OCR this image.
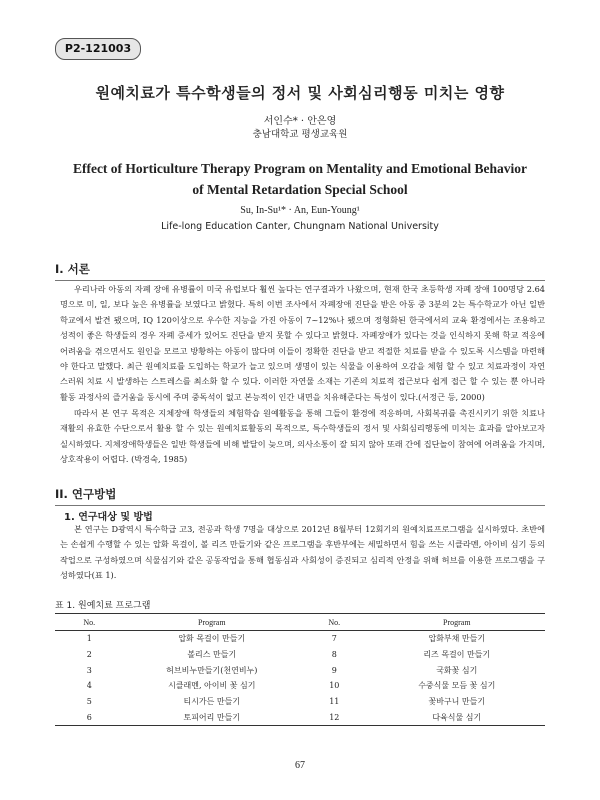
P2-121003
원예치료가 특수학생들의 정서 및 사회심리행동 미치는 영향
서인수* · 안은영
충남대학교 평생교육원
Effect of Horticulture Therapy Program on Mentality and Emotional Behavior
of Mental Retardation Special School
Su, In-Su¹* · An, Eun-Young¹
Life-long Education Canter, Chungnam National University
I. 서론

우리나라 아동의 자폐 장애 유병률이 미국 유럽보다 훨씬 높다는 연구결과가 나왔으며, 현재 한국 초등학생 자폐 장애 100명당 2.64명으로 미, 일, 보다 높은 유병률을 보였다고 밝혔다. 특히 이번 조사에서 자폐장애 진단을 받은 아동 중 3분의 2는 특수학교가 아닌 일반 학교에서 발견 됐으며, IQ 120이상으로 우수한 지능을 가진 아동이 7~12%나 됐으며 정형화된 한국에서의 교육 환경에서는 조용하고 성적이 좋은 학생들의 경우 자폐 증세가 있어도 진단을 받지 못할 수 있다고 밝혔다. 자폐장애가 있다는 것을 인식하지 못해 학교 적응에 어려움을 겪으면서도 원인을 모르고 방황하는 아동이 많다며 이들이 정확한 진단을 받고 적절한 치료를 받을 수 있도록 시스템을 마련해야 한다고 말했다. 최근 원예치료를 도입하는 학교가 늘고 있으며 생명이 있는 식물을 이용하여 오감을 체험 할 수 있고 치료과정이 자연스러워 치료 시 발생하는 스트레스를 최소화 할 수 있다. 이러한 자연물 소재는 기존의 치료적 접근보다 쉽게 접근 할 수 있는 뿐 아니라 활동 과정사의 즐거움을 동시에 주며 중독석이 없고 본능적이 인간 내면을 치유해준다는 특성이 있다.(서정근 등, 2000)

따라서 본 연구 목적은 지체장애 학생들의 체험학습 원예활동을 통해 그들이 환경에 적응하며, 사회복귀를 촉진시키기 위한 치료나 재활의 유효한 수단으로서 활용 할 수 있는 원예치료활동의 목적으로, 특수학생들의 정서 및 사회심리행동에 미치는 효과를 알아보고자 실시하였다. 지체장애학생들은 일반 학생들에 비해 발달이 늦으며, 의사소통이 잘 되지 않아 또래 간에 집단놀이 참여에 어려움을 가지며, 상호작용이 어렵다. (박경숙, 1985)

II. 연구방법
1. 연구대상 및 방법

본 연구는 D광역시 특수학급 고3, 전공과 학생 7명을 대상으로 2012년 8월부터 12회기의 원예치료프로그램을 실시하였다. 초반에는 손쉽게 수행할 수 있는 압화 목걸이, 볼 리즈 만들기와 같은 프로그램을 후반부에는 세밀하면서 힘을 쓰는 시클라멘, 아이비 심기 등의 작업으로 구성하였으며 식물심기와 같은 공동작업을 통해 협동심과 사회성이 증진되고 심리적 안정을 위해 허브를 이용한 프로그램을 구성하였다(표 1).

표 1. 원예치료 프로그램
No.	Program	No.	Program
1	압화 목걸이 만들기	7	압화부채 만들기
2	볼리스 만들기	8	리즈 목걸이 만들기
3	허브비누만들기(천연비누)	9	국화꽃 심기
4	시클래멘, 아이비 꽃 심기	10	수중식물 모듬 꽃 심기
5	티시가든 만들기	11	꽃바구니 만들기
6	토피어리 만들기	12	다육식물 심기
67
